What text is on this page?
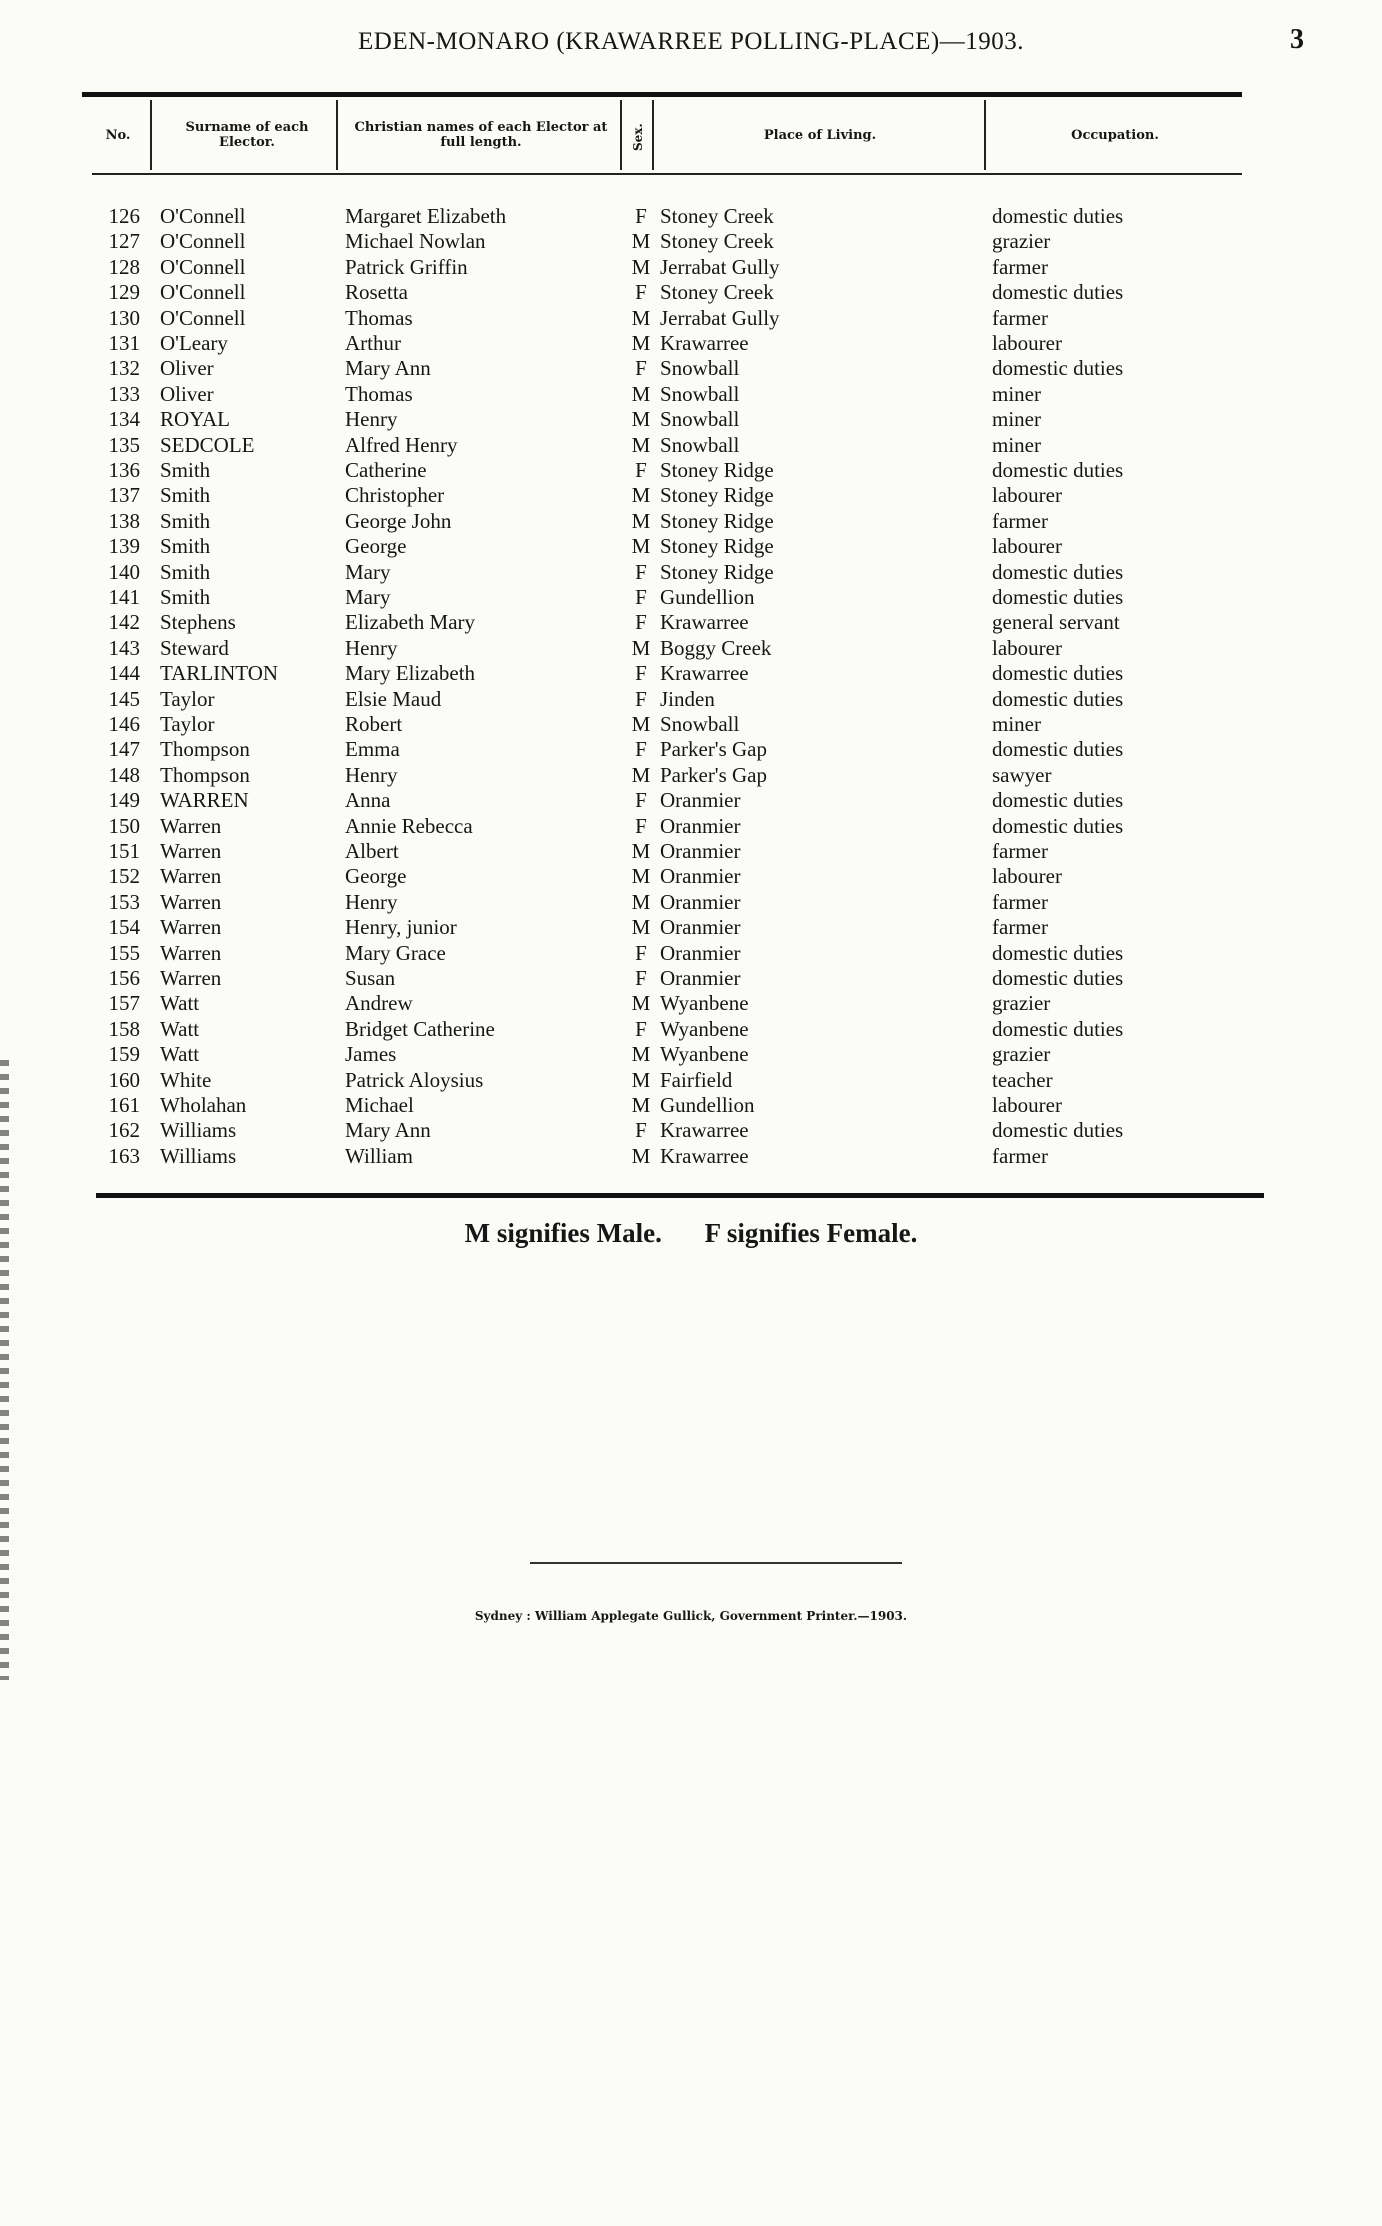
EDEN-MONARO (KRAWARREE POLLING-PLACE)—1903.	3
No.	Surname of each Elector.
Christian names of each Elector at full length.	Sex.	Place of Living.	Occupation.
126 O'Connell	Margaret Elizabeth	F Stoney Creek	domestic duties
127 O'Connell	Michael Nowlan	M Stoney Creek	grazier
128 O'Connell	Patrick Griffin	M Jerrabat Gully	farmer
129 O'Connell	Rosetta	F Stoney Creek	domestic duties
130 O'Connell	Thomas	M Jerrabat Gully	farmer
131 O'Leary	Arthur	M Krawarree	labourer
132 Oliver	Mary Ann	F Snowball	domestic duties
133 Oliver	Thomas	M Snowball	miner
134 ROYAL	Henry	M Snowball	miner
135 SEDCOLE	Alfred Henry	M Snowball	miner
136 Smith	Catherine	F Stoney Ridge	domestic duties
137 Smith	Christopher	M Stoney Ridge	labourer
138 Smith	George John	M Stoney Ridge	farmer
139 Smith	George	M Stoney Ridge	labourer
140 Smith	Mary	F Stoney Ridge	domestic duties
141 Smith	Mary	F Gundellion	domestic duties
142 Stephens	Elizabeth Mary	F Krawarree	general servant
143 Steward	Henry	M Boggy Creek	labourer
144 TARLINTON	Mary Elizabeth	F Krawarree	domestic duties
145 Taylor	Elsie Maud	F Jinden	domestic duties
146 Taylor	Robert	M Snowball	miner
147 Thompson	Emma	F Parker's Gap	domestic duties
148 Thompson	Henry	M Parker's Gap	sawyer
149 WARREN	Anna	F Oranmier	domestic duties
150 Warren	Annie Rebecca	F Oranmier	domestic duties
151 Warren	Albert	M Oranmier	farmer
152 Warren	George	M Oranmier	labourer
153 Warren	Henry	M Oranmier	farmer
154 Warren	Henry, junior	M Oranmier	farmer
155 Warren	Mary Grace	F Oranmier	domestic duties
156 Warren	Susan	F Oranmier	domestic duties
157 Watt	Andrew	M Wyanbene	grazier
158 Watt	Bridget Catherine	F Wyanbene	domestic duties
159 Watt	James	M Wyanbene	grazier
160 White	Patrick Aloysius	M Fairfield	teacher
161 Wholahan	Michael	M Gundellion	labourer
162 Williams	Mary Ann	F Krawarree	domestic duties
163 Williams	William	M Krawarree	farmer
M signifies Male. F signifies Female.
Sydney : William Applegate Gullick, Government Printer.—1903.
